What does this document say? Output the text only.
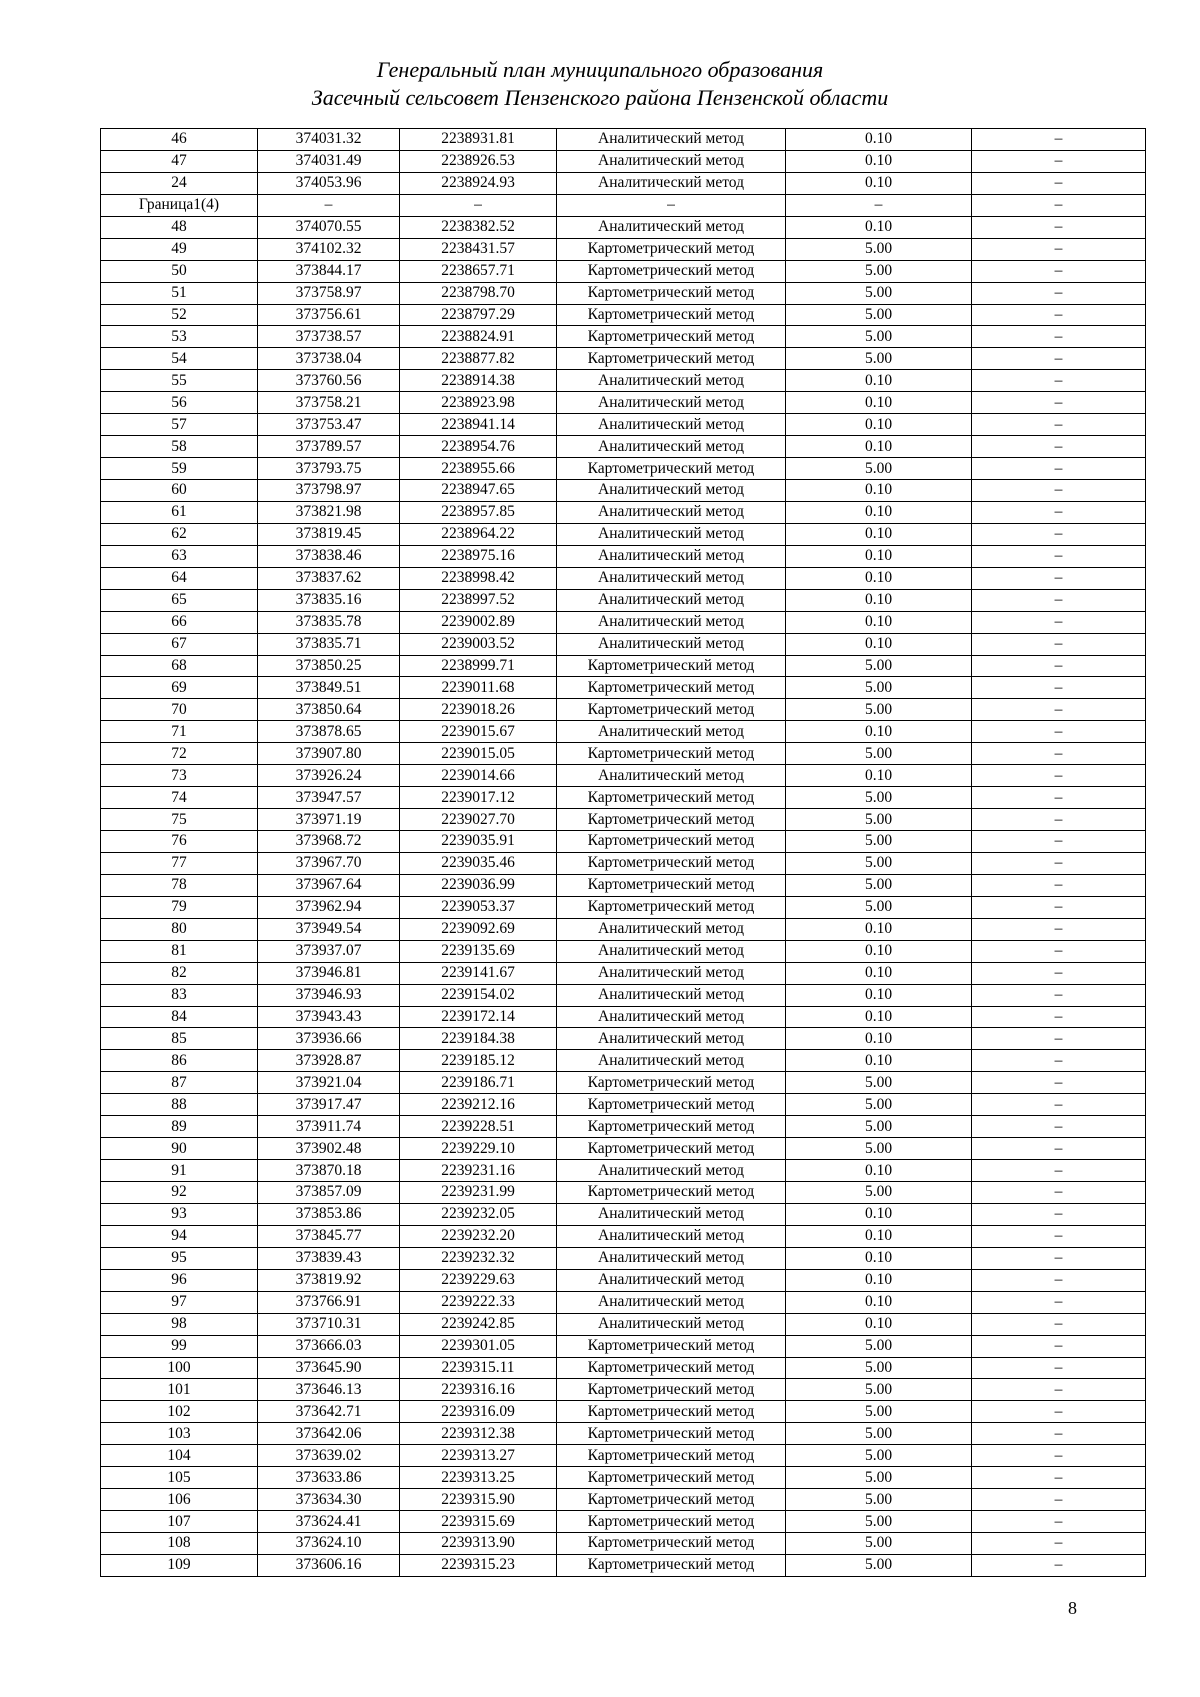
Генеральный план муниципального образования
Засечный сельсовет Пензенского района Пензенской области
46	374031.32	2238931.81	Аналитический метод	0.10	–
47	374031.49	2238926.53	Аналитический метод	0.10	–
24	374053.96	2238924.93	Аналитический метод	0.10	–
Граница1(4)	–	–	–	–	–
48	374070.55	2238382.52	Аналитический метод	0.10	–
49	374102.32	2238431.57	Картометрический метод	5.00	–
50	373844.17	2238657.71	Картометрический метод	5.00	–
51	373758.97	2238798.70	Картометрический метод	5.00	–
52	373756.61	2238797.29	Картометрический метод	5.00	–
53	373738.57	2238824.91	Картометрический метод	5.00	–
54	373738.04	2238877.82	Картометрический метод	5.00	–
55	373760.56	2238914.38	Аналитический метод	0.10	–
56	373758.21	2238923.98	Аналитический метод	0.10	–
57	373753.47	2238941.14	Аналитический метод	0.10	–
58	373789.57	2238954.76	Аналитический метод	0.10	–
59	373793.75	2238955.66	Картометрический метод	5.00	–
60	373798.97	2238947.65	Аналитический метод	0.10	–
61	373821.98	2238957.85	Аналитический метод	0.10	–
62	373819.45	2238964.22	Аналитический метод	0.10	–
63	373838.46	2238975.16	Аналитический метод	0.10	–
64	373837.62	2238998.42	Аналитический метод	0.10	–
65	373835.16	2238997.52	Аналитический метод	0.10	–
66	373835.78	2239002.89	Аналитический метод	0.10	–
67	373835.71	2239003.52	Аналитический метод	0.10	–
68	373850.25	2238999.71	Картометрический метод	5.00	–
69	373849.51	2239011.68	Картометрический метод	5.00	–
70	373850.64	2239018.26	Картометрический метод	5.00	–
71	373878.65	2239015.67	Аналитический метод	0.10	–
72	373907.80	2239015.05	Картометрический метод	5.00	–
73	373926.24	2239014.66	Аналитический метод	0.10	–
74	373947.57	2239017.12	Картометрический метод	5.00	–
75	373971.19	2239027.70	Картометрический метод	5.00	–
76	373968.72	2239035.91	Картометрический метод	5.00	–
77	373967.70	2239035.46	Картометрический метод	5.00	–
78	373967.64	2239036.99	Картометрический метод	5.00	–
79	373962.94	2239053.37	Картометрический метод	5.00	–
80	373949.54	2239092.69	Аналитический метод	0.10	–
81	373937.07	2239135.69	Аналитический метод	0.10	–
82	373946.81	2239141.67	Аналитический метод	0.10	–
83	373946.93	2239154.02	Аналитический метод	0.10	–
84	373943.43	2239172.14	Аналитический метод	0.10	–
85	373936.66	2239184.38	Аналитический метод	0.10	–
86	373928.87	2239185.12	Аналитический метод	0.10	–
87	373921.04	2239186.71	Картометрический метод	5.00	–
88	373917.47	2239212.16	Картометрический метод	5.00	–
89	373911.74	2239228.51	Картометрический метод	5.00	–
90	373902.48	2239229.10	Картометрический метод	5.00	–
91	373870.18	2239231.16	Аналитический метод	0.10	–
92	373857.09	2239231.99	Картометрический метод	5.00	–
93	373853.86	2239232.05	Аналитический метод	0.10	–
94	373845.77	2239232.20	Аналитический метод	0.10	–
95	373839.43	2239232.32	Аналитический метод	0.10	–
96	373819.92	2239229.63	Аналитический метод	0.10	–
97	373766.91	2239222.33	Аналитический метод	0.10	–
98	373710.31	2239242.85	Аналитический метод	0.10	–
99	373666.03	2239301.05	Картометрический метод	5.00	–
100	373645.90	2239315.11	Картометрический метод	5.00	–
101	373646.13	2239316.16	Картометрический метод	5.00	–
102	373642.71	2239316.09	Картометрический метод	5.00	–
103	373642.06	2239312.38	Картометрический метод	5.00	–
104	373639.02	2239313.27	Картометрический метод	5.00	–
105	373633.86	2239313.25	Картометрический метод	5.00	–
106	373634.30	2239315.90	Картометрический метод	5.00	–
107	373624.41	2239315.69	Картометрический метод	5.00	–
108	373624.10	2239313.90	Картометрический метод	5.00	–
109	373606.16	2239315.23	Картометрический метод	5.00	–
8
